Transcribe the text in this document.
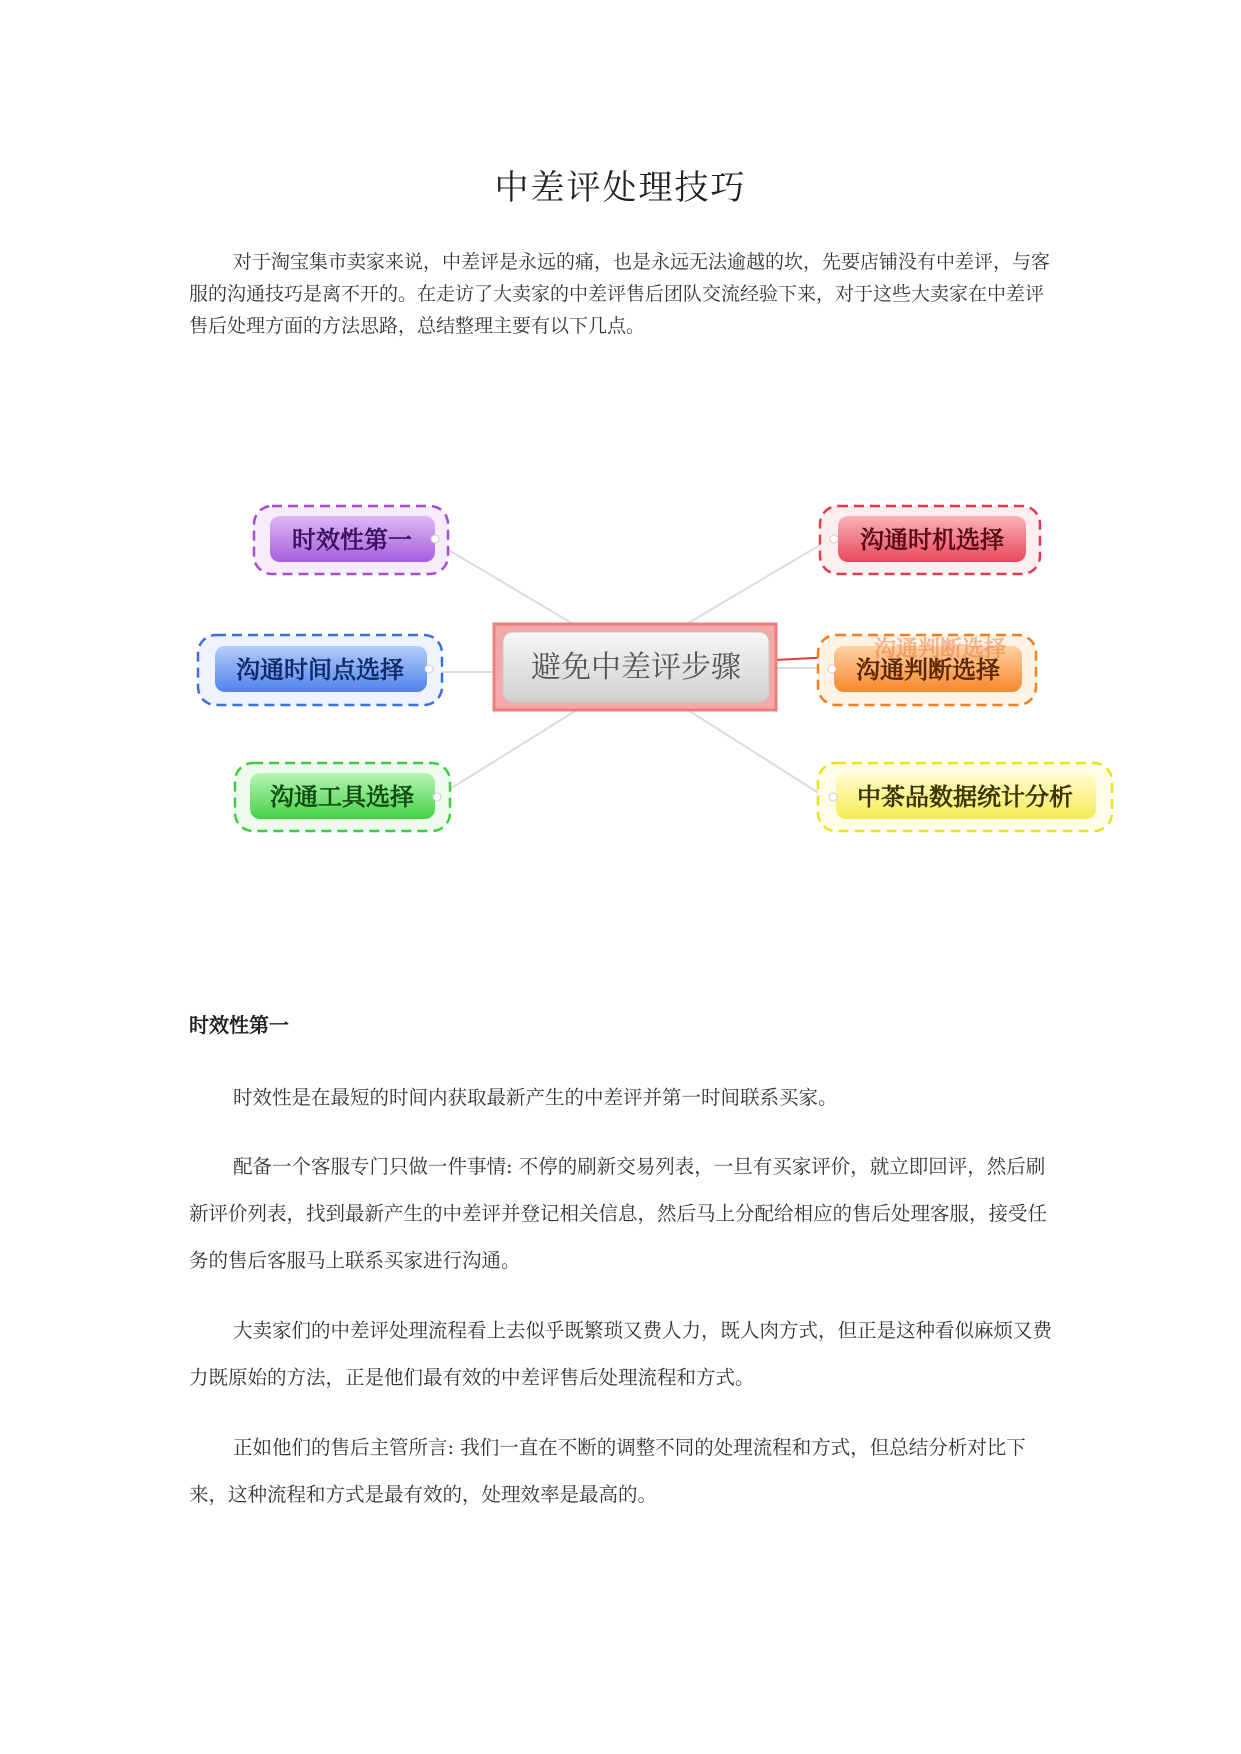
中差评处理技巧

对于淘宝集市卖家来说，中差评是永远的痛，也是永远无法逾越的坎，先要店铺没有中差评，与客服的沟通技巧是离不开的。在走访了大卖家的中差评售后团队交流经验下来，对于这些大卖家在中差评售后处理方面的方法思路，总结整理主要有以下几点。

避免中差评步骤
时效性第一
沟通时间点选择
沟通工具选择
沟通时机选择
沟通判断选择
沟通判断选择
中茶品数据统计分析
时效性第一

时效性是在最短的时间内获取最新产生的中差评并第一时间联系买家。

配备一个客服专门只做一件事情: 不停的刷新交易列表，一旦有买家评价，就立即回评，然后刷新评价列表，找到最新产生的中差评并登记相关信息，然后马上分配给相应的售后处理客服，接受任务的售后客服马上联系买家进行沟通。

大卖家们的中差评处理流程看上去似乎既繁琐又费人力，既人肉方式，但正是这种看似麻烦又费力既原始的方法，正是他们最有效的中差评售后处理流程和方式。

正如他们的售后主管所言: 我们一直在不断的调整不同的处理流程和方式，但总结分析对比下来，这种流程和方式是最有效的，处理效率是最高的。
